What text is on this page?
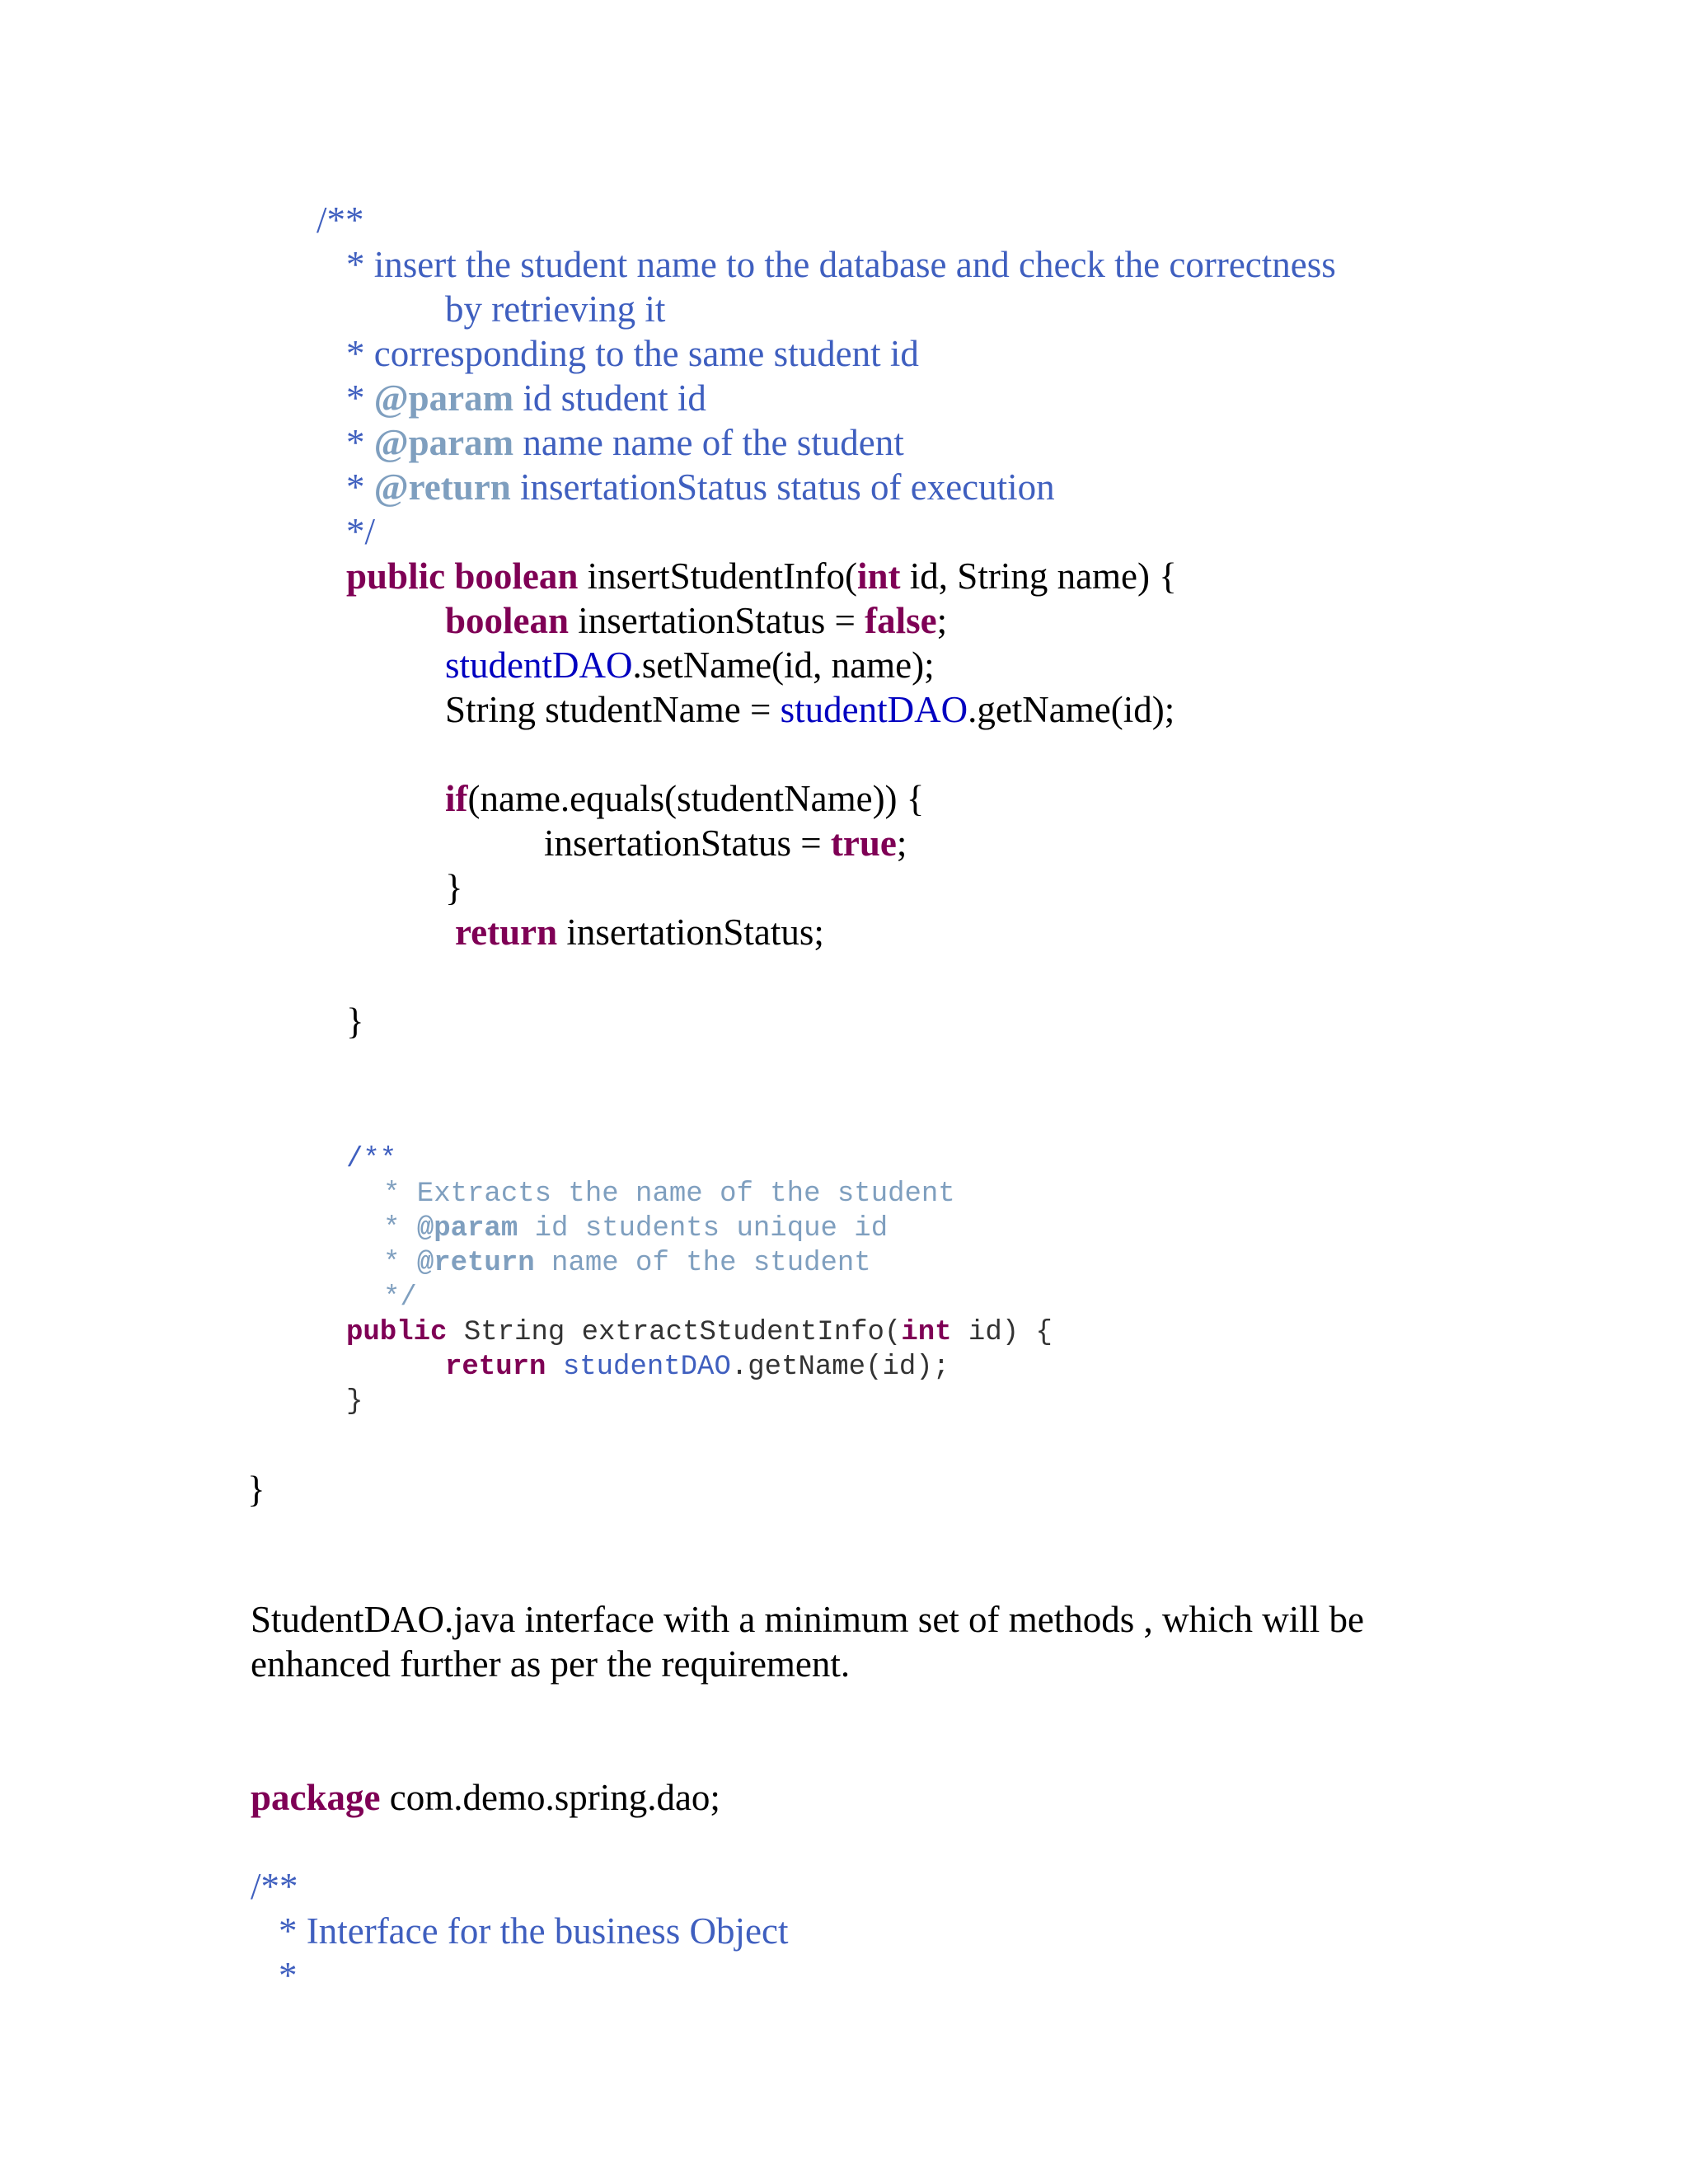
/**
* insert the student name to the database and check the correctness
by retrieving it
* corresponding to the same student id
* @param id student id
* @param name name of the student
* @return insertationStatus status of execution
*/
public boolean insertStudentInfo(int id, String name) {
boolean insertationStatus = false;
studentDAO.setName(id, name);
String studentName = studentDAO.getName(id);
if(name.equals(studentName)) {
insertationStatus = true;
}
return insertationStatus;
}
/**
* Extracts the name of the student
* @param id students unique id
* @return name of the student
*/
public String extractStudentInfo(int id) {
return studentDAO.getName(id);
}
}
StudentDAO.java interface with a minimum set of methods , which will be
enhanced further as per the requirement.
package com.demo.spring.dao;
/**
* Interface for the business Object
*
